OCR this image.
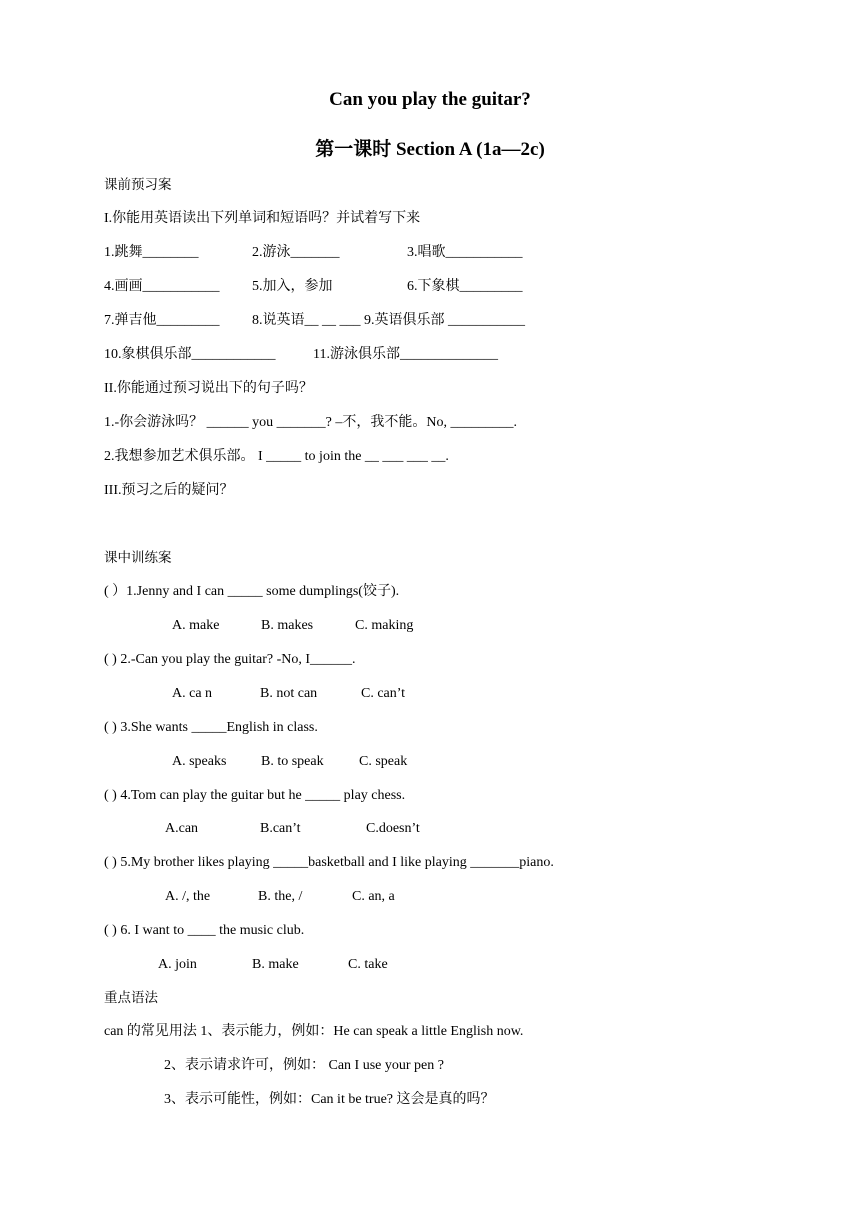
Can you play the guitar?
第一课时 Section A (1a—2c)
课前预习案
I.你能用英语读出下列单词和短语吗？并试着写下来
1.跳舞________	2.游泳_______	3.唱歌___________
4.画画___________ 5.加入，参加	6.下象棋_________
7.弹吉他_________ 8.说英语__ __ ___ 9.英语俱乐部 ___________
10.象棋俱乐部____________	11.游泳俱乐部______________
II.你能通过预习说出下的句子吗？
1.-你会游泳吗？ ______ you _______? –不，我不能。No, _________.
2.我想参加艺术俱乐部。 I _____ to join the __ ___ ___ __.
III.预习之后的疑问？
课中训练案
( ）1.Jenny and I can _____ some dumplings(饺子).
A. make	B. makes	C. making
( ) 2.-Can you play the guitar? -No, I______.
A. ca n	B. not can	C. can’t
( ) 3.She wants _____English in class.
A. speaks B. to speak	C. speak
( ) 4.Tom can play the guitar but he _____ play chess.
A.can	B.can’t	C.doesn’t
( ) 5.My brother likes playing _____basketball and I like playing _______piano.
A. /, the	B. the, /	C. an, a
( ) 6. I want to ____ the music club.
A. join	B. make	C. take
重点语法
can 的常见用法 1、表示能力，例如：He can speak a little English now.
2、表示请求许可，例如： Can I use your pen ?
3、表示可能性，例如：Can it be true? 这会是真的吗？
